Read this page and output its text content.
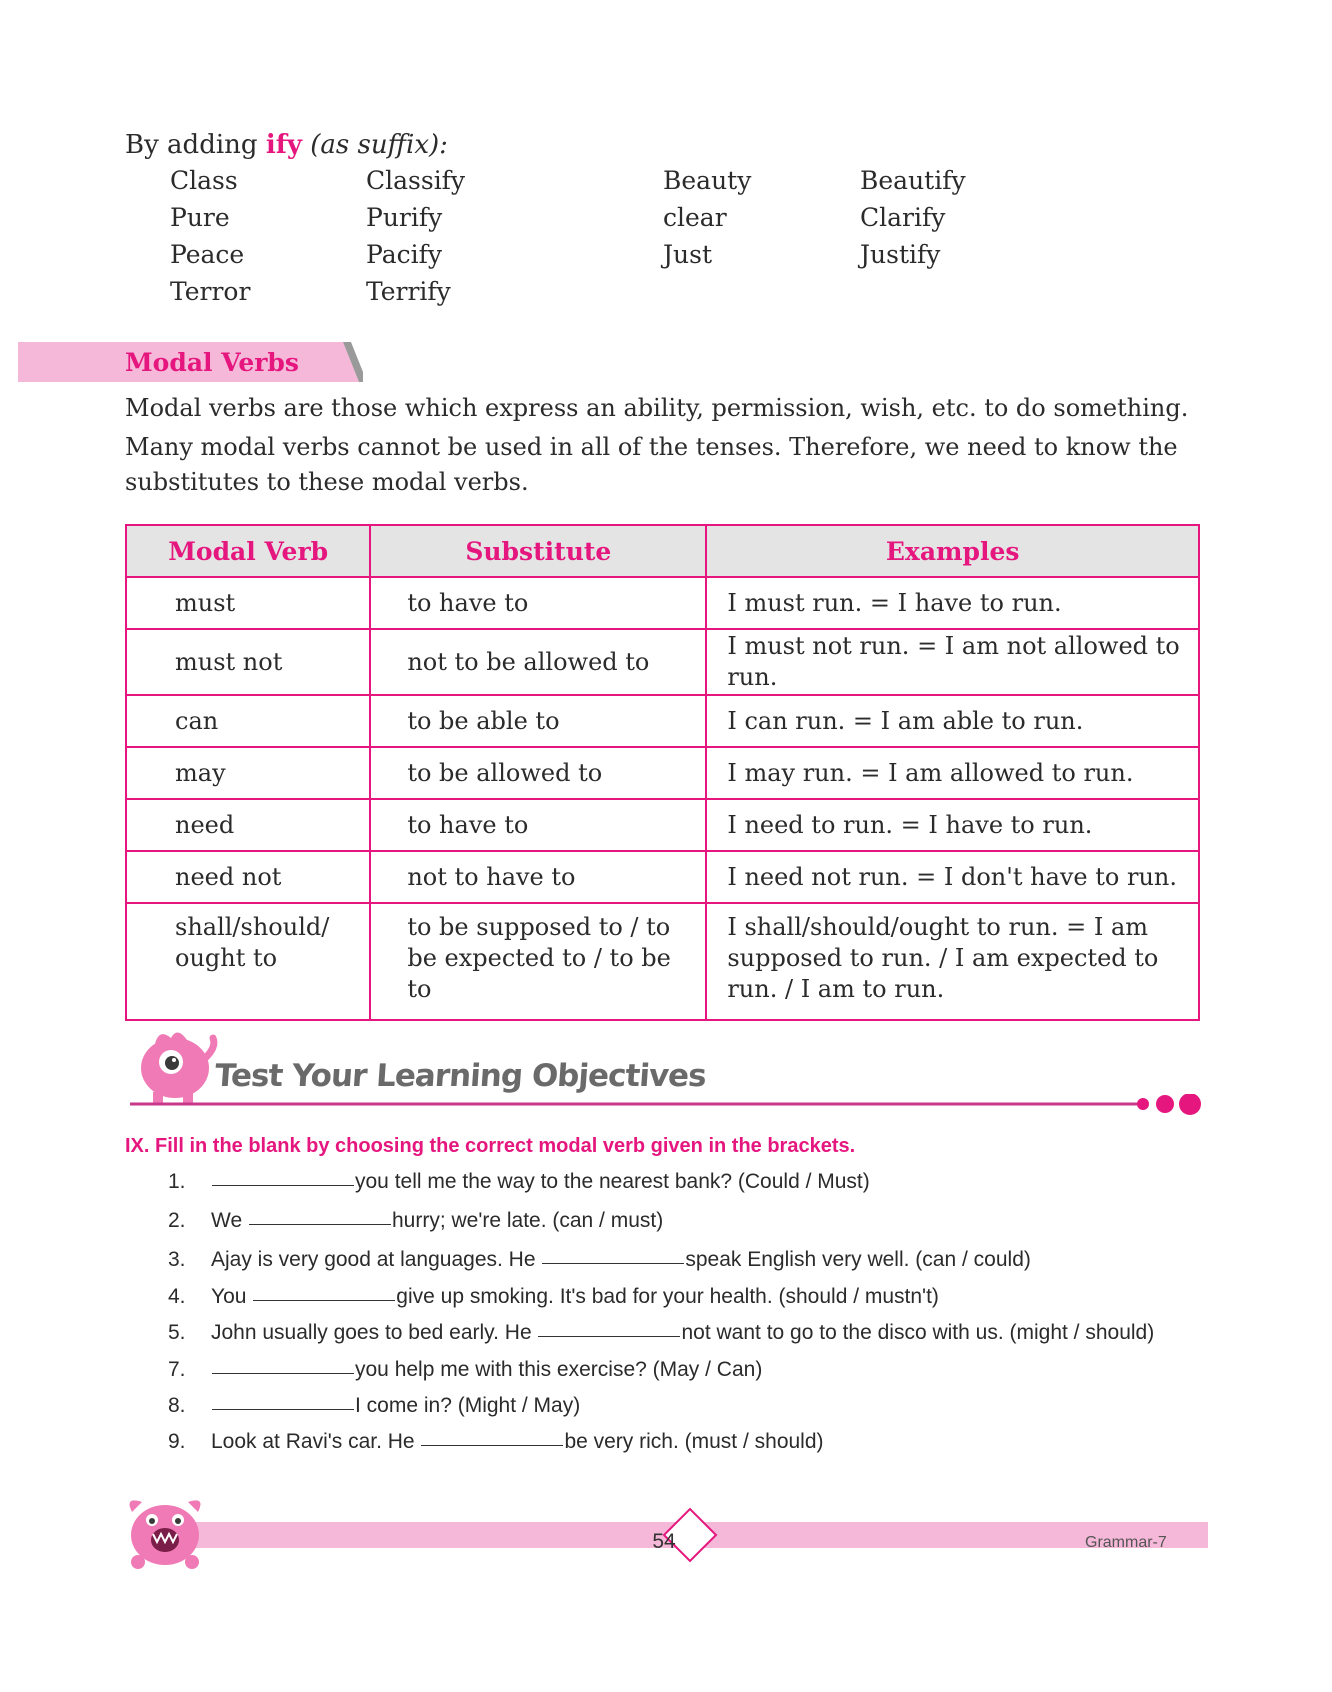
By adding ify (as suffix):
Class	Classify
Pure	Purify
Peace	Pacify
Terror	Terrify
Beauty	Beautify
clear	Clarify
Just	Justify
Modal Verbs
Modal verbs are those which express an ability, permission, wish, etc. to do something.
Many modal verbs cannot be used in all of the tenses. Therefore, we need to know the substitutes to these modal verbs.
Modal Verb	Substitute	Examples
must	to have to	I must run. = I have to run.
must not	not to be allowed to	I must not run. = I am not allowed to run.
can	to be able to	I can run. = I am able to run.
may	to be allowed to	I may run. = I am allowed to run.
need	to have to	I need to run. = I have to run.
need not	not to have to	I need not run. = I don't have to run.
shall/should/ ought to	to be supposed to / to be expected to / to be to	I shall/should/ought to run. = I am supposed to run. / I am expected to run. / I am to run.
Test Your Learning Objectives
IX. Fill in the blank by choosing the correct modal verb given in the brackets.
1.	you tell me the way to the nearest bank? (Could / Must)
2. We	hurry; we're late. (can / must)
3. Ajay is very good at languages. He	speak English very well. (can / could)
4. You	give up smoking. It's bad for your health. (should / mustn't)
5. John usually goes to bed early. He	not want to go to the disco with us. (might / should)
7.	you help me with this exercise? (May / Can)
8.	I come in? (Might / May)
9. Look at Ravi's car. He	be very rich. (must / should)
54	Grammar-7
